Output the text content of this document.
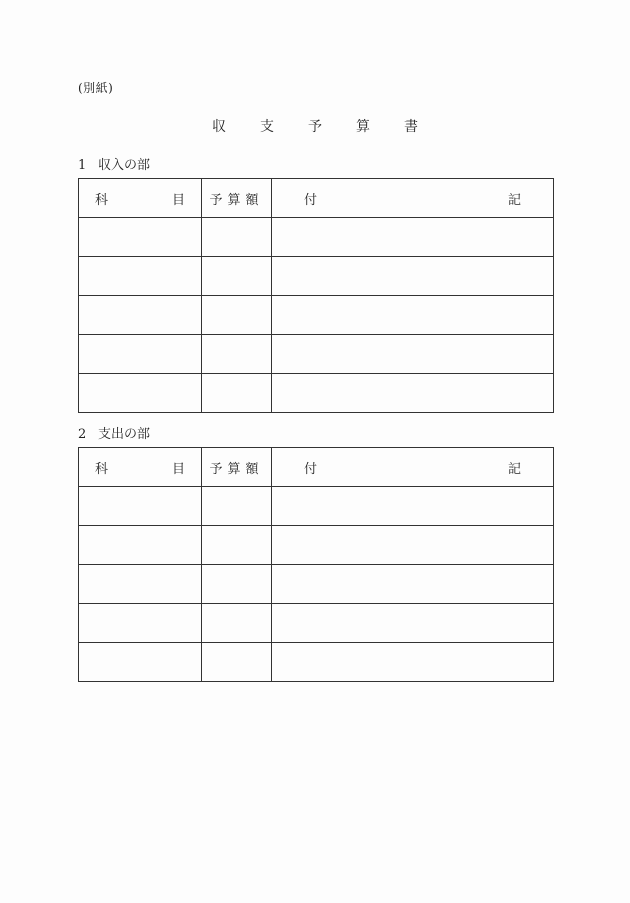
(別紙)
収	支	予	算	書
1 収入の部
科 目	予算額	付 記

2 支出の部
科 目	予算額	付 記
